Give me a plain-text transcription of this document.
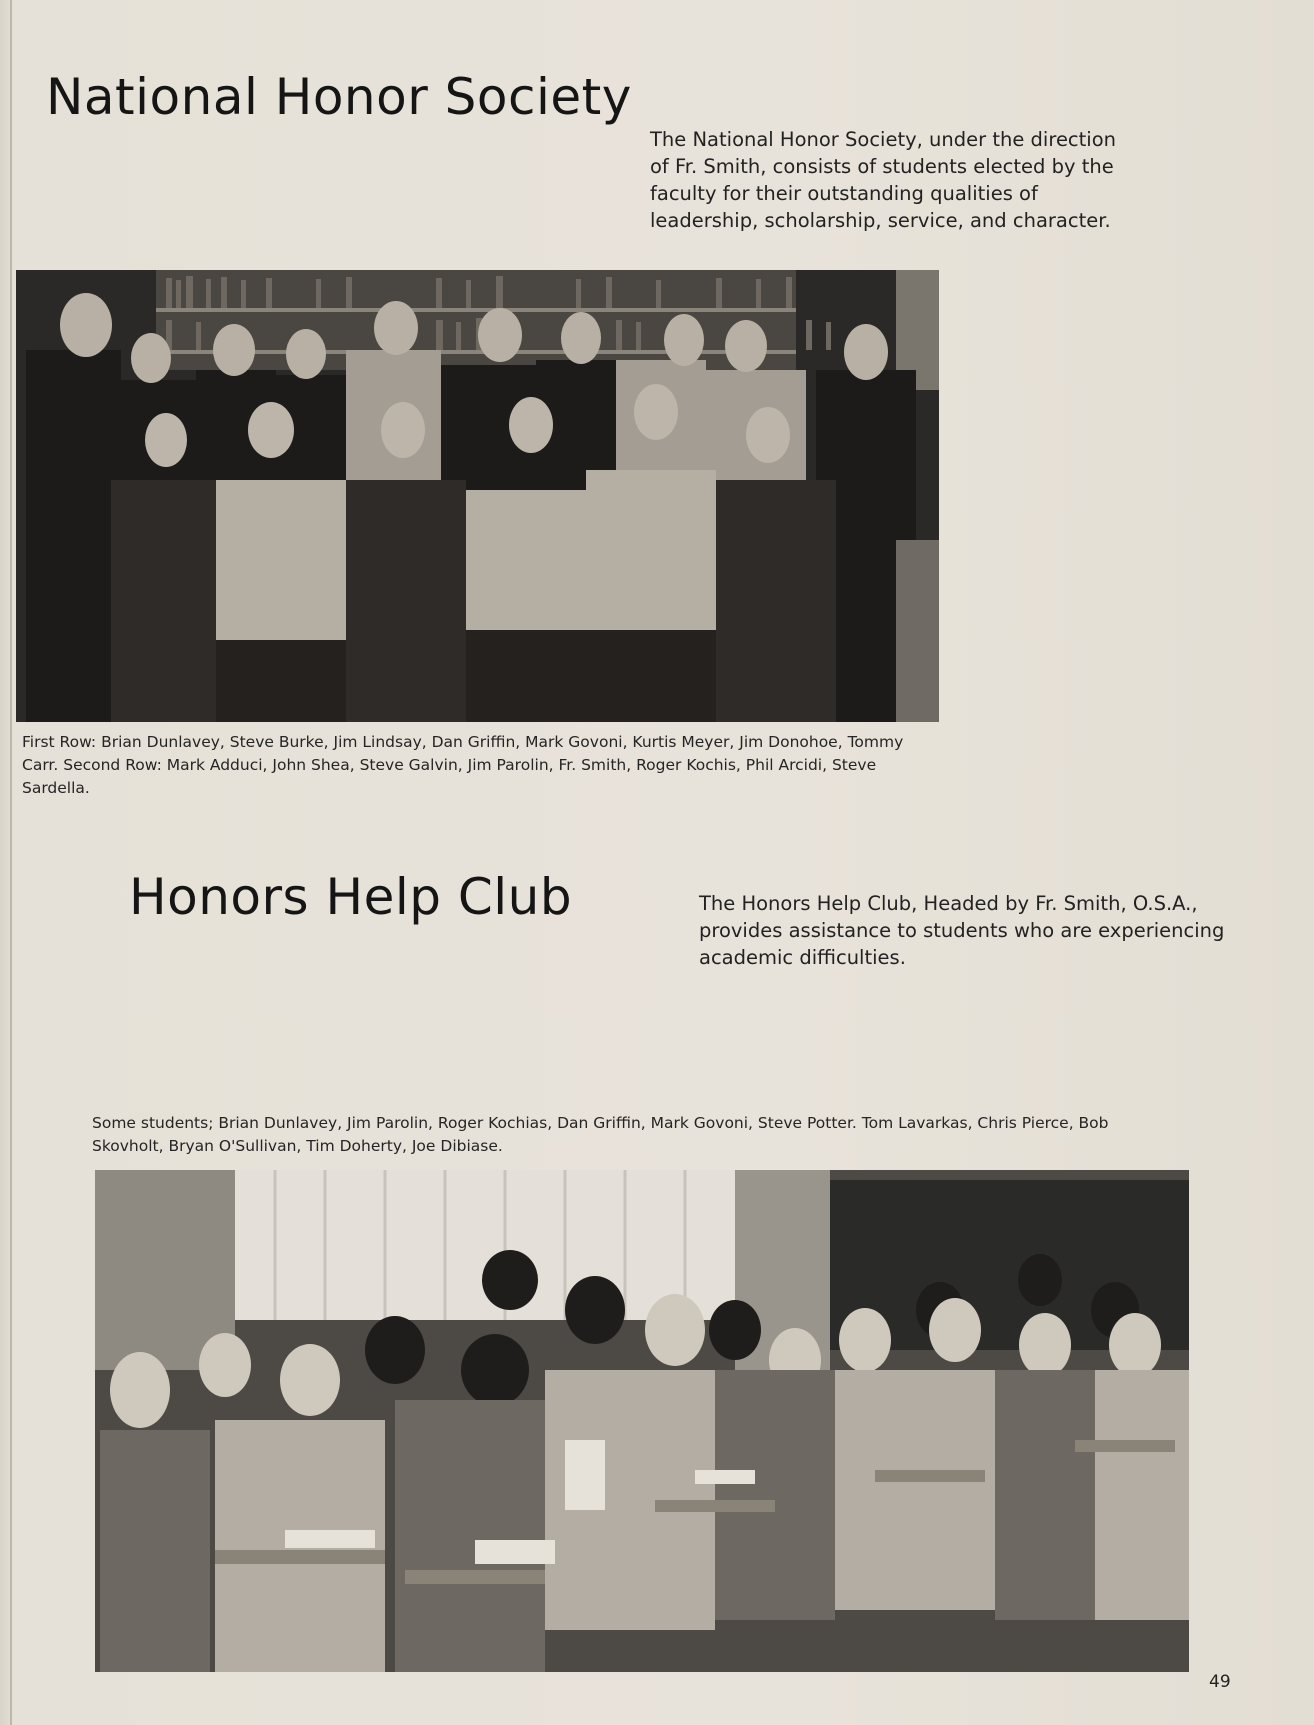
National Honor Society
The National Honor Society, under the direction of Fr. Smith, consists of students elected by the faculty for their outstanding qualities of leadership, scholarship, service, and character.
First Row: Brian Dunlavey, Steve Burke, Jim Lindsay, Dan Griffin, Mark Govoni, Kurtis Meyer, Jim Donohoe, Tommy Carr. Second Row: Mark Adduci, John Shea, Steve Galvin, Jim Parolin, Fr. Smith, Roger Kochis, Phil Arcidi, Steve Sardella.
Honors Help Club	The Honors Help Club, Headed by Fr. Smith, O.S.A., provides assistance to students who are experiencing academic difficulties.
Some students; Brian Dunlavey, Jim Parolin, Roger Kochias, Dan Griffin, Mark Govoni, Steve Potter. Tom Lavarkas, Chris Pierce, Bob Skovholt, Bryan O'Sullivan, Tim Doherty, Joe Dibiase.
49
